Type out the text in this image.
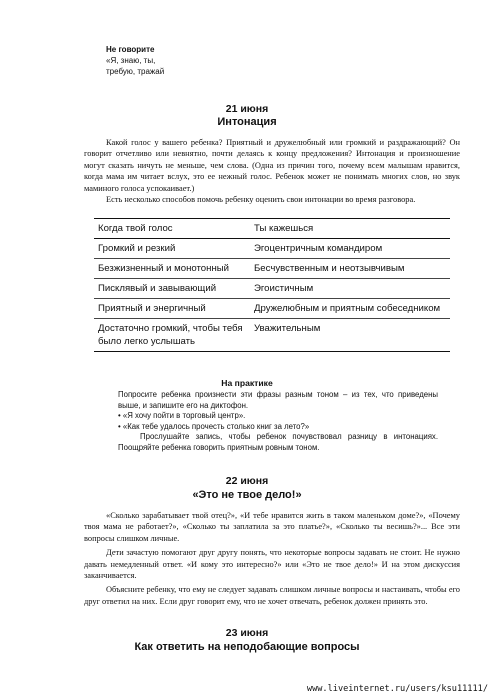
Не говорите
«Я, знаю, ты,
требую, тражай
21 июня
Интонация

Какой голос у вашего ребенка? Приятный и дружелюбный или громкий и раздражающий? Он говорит отчетливо или невнятно, почти делаясь к концу предложения? Интонация и произношение могут сказать ничуть не меньше, чем слова. (Одна из причин того, почему всем малышам нравится, когда мама им читает вслух, это ее нежный голос. Ребенок может не понимать многих слов, но звук маминого голоса успокаивает.)

Есть несколько способов помочь ребенку оценить свои интонации во время разговора.

Когда твой голос	Ты кажешься
Громкий и резкий	Эгоцентричным командиром
Безжизненный и монотонный	Бесчувственным и неотзывчивым
Писклявый и завывающий	Эгоистичным
Приятный и энергичный	Дружелюбным и приятным собеседником
Достаточно громкий, чтобы тебя было легко услышать	Уважительным
На практике

Попросите ребенка произнести эти фразы разным тоном – из тех, что приведены выше, и запишите его на диктофон.

• «Я хочу пойти в торговый центр».

• «Как тебе удалось прочесть столько книг за лето?»

Прослушайте запись, чтобы ребенок почувствовал разницу в интонациях. Поощряйте ребенка говорить приятным ровным тоном.

22 июня
«Это не твое дело!»

«Сколько зарабатывает твой отец?», «И тебе нравится жить в таком маленьком доме?», «Почему твоя мама не работает?», «Сколько ты заплатила за это платье?», «Сколько ты весишь?»... Все эти вопросы слишком личные.

Дети зачастую помогают друг другу понять, что некоторые вопросы задавать не стоит. Не нужно давать немедленный ответ. «И кому это интересно?» или «Это не твое дело!» И на этом дискуссия заканчивается.

Объясните ребенку, что ему не следует задавать слишком личные вопросы и настаивать, чтобы его друг ответил на них. Если друг говорит ему, что не хочет отвечать, ребенок должен принять это.

23 июня
Как ответить на неподобающие вопросы
www.liveinternet.ru/users/ksu11111/
